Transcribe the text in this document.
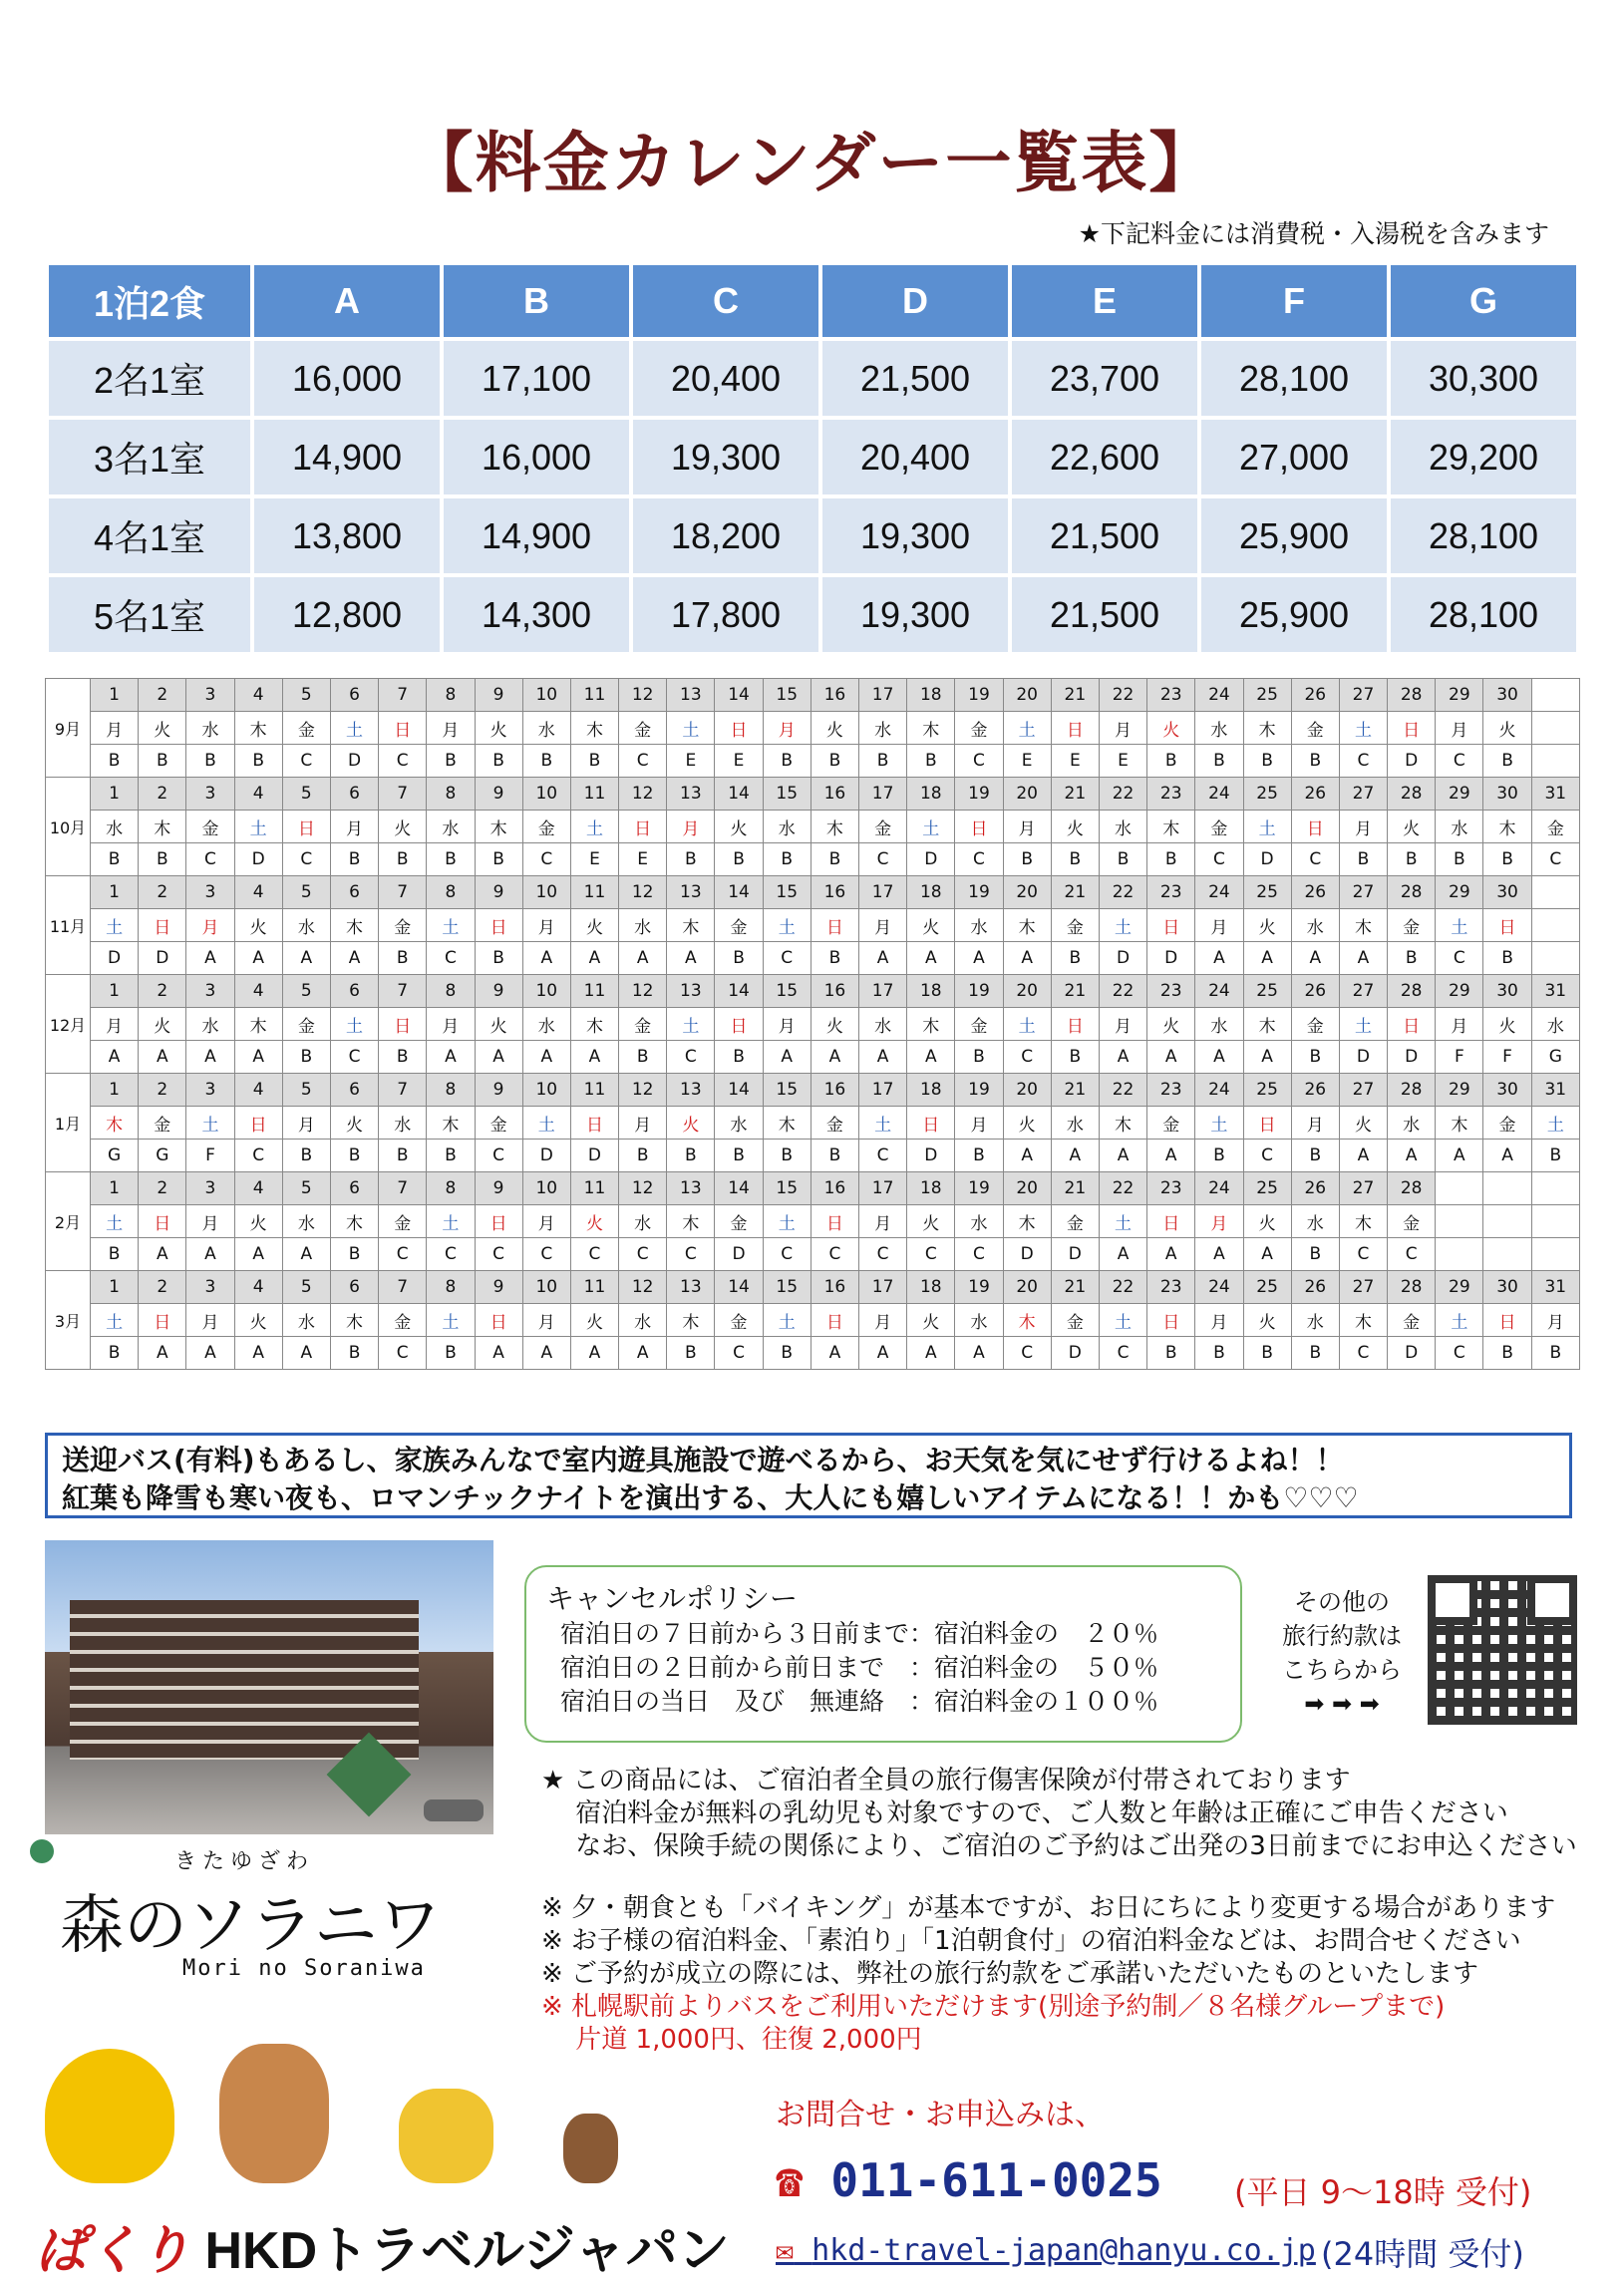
【料金カレンダー一覧表】
★下記料金には消費税・入湯税を含みます
1泊2食	A	B	C	D	E	F	G
2名1室	16,000	17,100	20,400	21,500	23,700	28,100	30,300
3名1室	14,900	16,000	19,300	20,400	22,600	27,000	29,200
4名1室	13,800	14,900	18,200	19,300	21,500	25,900	28,100
5名1室	12,800	14,300	17,800	19,300	21,500	25,900	28,100
9月	1	2	3	4	5	6	7	8	9	10	11	12	13	14	15	16	17	18	19	20	21	22	23	24	25	26	27	28	29	30	
	月	火	水	木	金	土	日	月	火	水	木	金	土	日	月	火	水	木	金	土	日	月	火	水	木	金	土	日	月	火	
	B	B	B	B	C	D	C	B	B	B	B	C	E	E	B	B	B	B	C	E	E	E	B	B	B	B	C	D	C	B	
10月	1	2	3	4	5	6	7	8	9	10	11	12	13	14	15	16	17	18	19	20	21	22	23	24	25	26	27	28	29	30	31
	水	木	金	土	日	月	火	水	木	金	土	日	月	火	水	木	金	土	日	月	火	水	木	金	土	日	月	火	水	木	金
	B	B	C	D	C	B	B	B	B	C	E	E	B	B	B	B	C	D	C	B	B	B	B	C	D	C	B	B	B	B	C
11月	1	2	3	4	5	6	7	8	9	10	11	12	13	14	15	16	17	18	19	20	21	22	23	24	25	26	27	28	29	30	
	土	日	月	火	水	木	金	土	日	月	火	水	木	金	土	日	月	火	水	木	金	土	日	月	火	水	木	金	土	日	
	D	D	A	A	A	A	B	C	B	A	A	A	A	B	C	B	A	A	A	A	B	D	D	A	A	A	A	B	C	B	
12月	1	2	3	4	5	6	7	8	9	10	11	12	13	14	15	16	17	18	19	20	21	22	23	24	25	26	27	28	29	30	31
	月	火	水	木	金	土	日	月	火	水	木	金	土	日	月	火	水	木	金	土	日	月	火	水	木	金	土	日	月	火	水
	A	A	A	A	B	C	B	A	A	A	A	B	C	B	A	A	A	A	B	C	B	A	A	A	A	B	D	D	F	F	G
1月	1	2	3	4	5	6	7	8	9	10	11	12	13	14	15	16	17	18	19	20	21	22	23	24	25	26	27	28	29	30	31
	木	金	土	日	月	火	水	木	金	土	日	月	火	水	木	金	土	日	月	火	水	木	金	土	日	月	火	水	木	金	土
	G	G	F	C	B	B	B	B	C	D	D	B	B	B	B	B	C	D	B	A	A	A	A	B	C	B	A	A	A	A	B
2月	1	2	3	4	5	6	7	8	9	10	11	12	13	14	15	16	17	18	19	20	21	22	23	24	25	26	27	28			
	土	日	月	火	水	木	金	土	日	月	火	水	木	金	土	日	月	火	水	木	金	土	日	月	火	水	木	金			
	B	A	A	A	A	B	C	C	C	C	C	C	C	D	C	C	C	C	C	D	D	A	A	A	A	B	C	C			
3月	1	2	3	4	5	6	7	8	9	10	11	12	13	14	15	16	17	18	19	20	21	22	23	24	25	26	27	28	29	30	31
	土	日	月	火	水	木	金	土	日	月	火	水	木	金	土	日	月	火	水	木	金	土	日	月	火	水	木	金	土	日	月
	B	A	A	A	A	B	C	B	A	A	A	A	B	C	B	A	A	A	A	C	D	C	B	B	B	B	C	D	C	B	B
送迎バス(有料)もあるし、家族みんなで室内遊具施設で遊べるから、お天気を気にせず行けるよね！！
紅葉も降雪も寒い夜も、ロマンチックナイトを演出する、大人にも嬉しいアイテムになる！！かも♡♡♡
きたゆざわ
森のソラニワ
Mori no Soraniwa
キャンセルポリシー
宿泊日の７日前から３日前まで：宿泊料金の　２０％
宿泊日の２日前から前日まで　：宿泊料金の　５０％
宿泊日の当日　及び　無連絡　：宿泊料金の１００％
その他の
旅行約款は
こちらから
➡ ➡ ➡
★ この商品には、ご宿泊者全員の旅行傷害保険が付帯されております
　 宿泊料金が無料の乳幼児も対象ですので、ご人数と年齢は正確にご申告ください
　 なお、保険手続の関係により、ご宿泊のご予約はご出発の3日前までにお申込ください
※ 夕・朝食とも「バイキング」が基本ですが、お日にちにより変更する場合があります
※ お子様の宿泊料金、「素泊り」「1泊朝食付」の宿泊料金などは、お問合せください
※ ご予約が成立の際には、弊社の旅行約款をご承諾いただいたものといたします
※ 札幌駅前よりバスをご利用いただけます(別途予約制／８名様グループまで)
　 片道 1,000円、往復 2,000円
お問合せ・お申込みは、
☎ 011-611-0025 (平日 9〜18時 受付)
✉ hkd-travel-japan@hanyu.co.jp (24時間 受付)
ぱくり HKDトラベルジャパン
